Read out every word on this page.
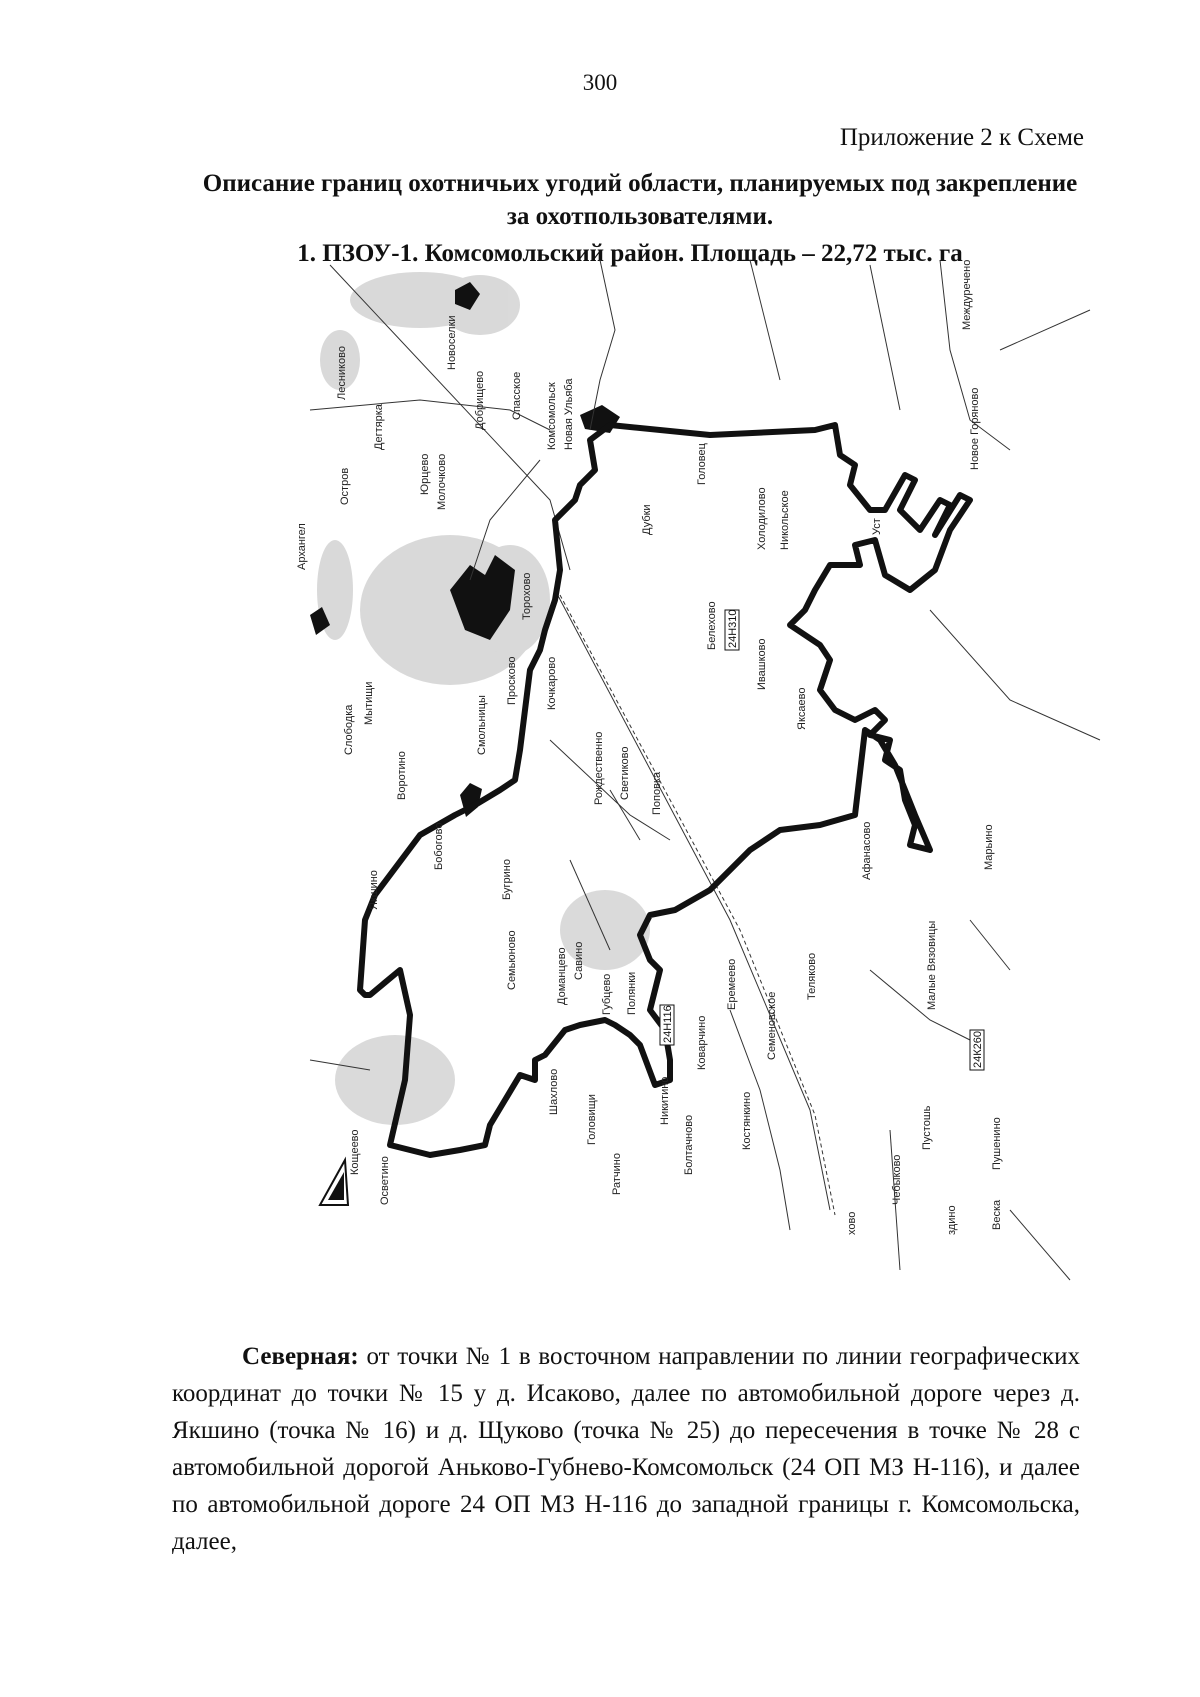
300
Приложение 2 к Схеме
Описание границ охотничьих угодий области, планируемых под закрепление за охотпользователями.
1. ПЗОУ-1. Комсомольский район. Площадь – 22,72 тыс. га
Лесниково
Новоселки
Спасское
Добрищево	Комсомольск Новая Ульяба
Дегтярка
Остров
Архангел
Юрцево Молочково	Головец
Холодилово Никольское
Дубки
Новое Горяново
Междуречено
Уст
Торохово
Просково	Кочкарово
Белехово
Ивашково
Слободка
Мытищи
Воротино
Смольницы	Яксаево
Рождественно Светиково Поповка
Бобогово
Якшино	Бугрино	Афанасово	Марьино
Семьюново	Доманцево Савино
Губцево Полянки	Еремеево
Семеновское
Теляково	Малые Вязовицы
Шахлово
Головищи	Никитино
Коварчино
Костянкино
Болтачново
Ратчино
Кощеево
Осветино	Чебыково
Пустошь	Пушенино
Веска
хово	здино
24Н310
24К260
24Н116

Северная: от точки № 1 в восточном направлении по линии географических координат до точки № 15 у д. Исаково, далее по автомобильной дороге через д. Якшино (точка № 16) и д. Щуково (точка № 25) до пересечения в точке № 28 с автомобильной дорогой Аньково-Губнево-Комсомольск (24 ОП МЗ Н-116), и далее по автомобильной дороге 24 ОП МЗ Н-116 до западной границы г. Комсомольска, далее,
